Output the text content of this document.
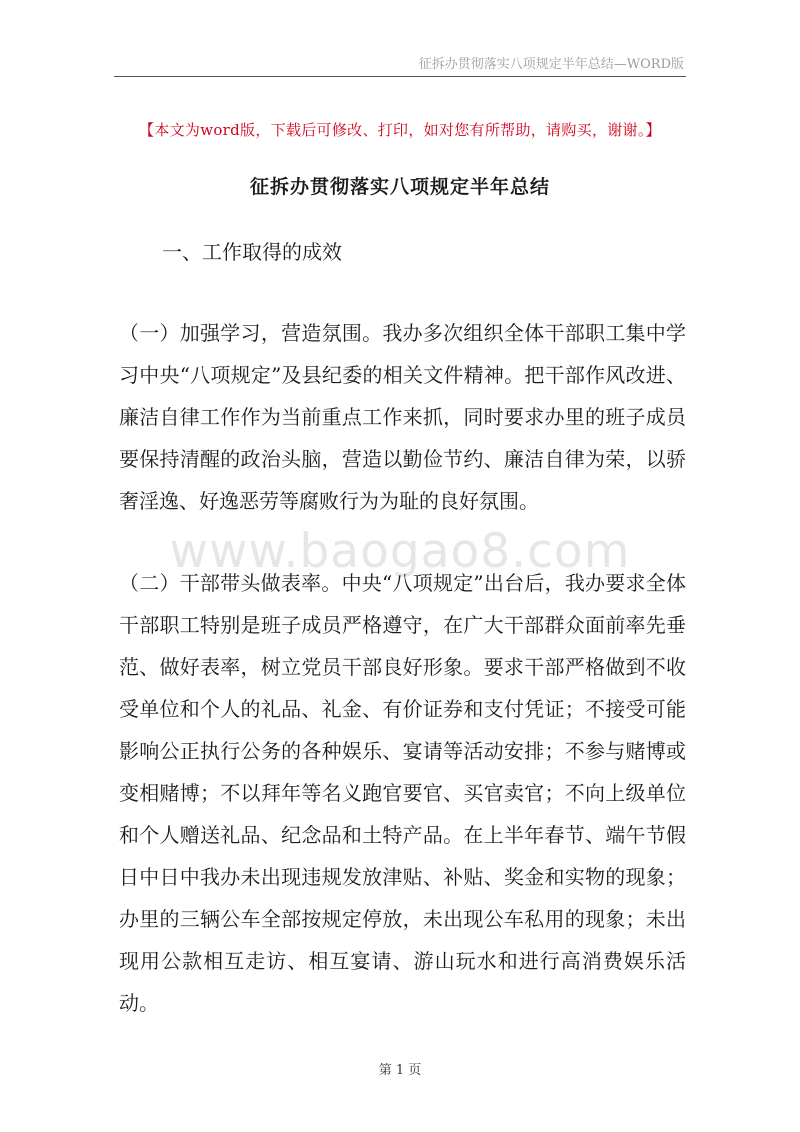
征拆办贯彻落实八项规定半年总结—WORD版
【本文为word版，下载后可修改、打印，如对您有所帮助，请购买，谢谢。】
征拆办贯彻落实八项规定半年总结
一、工作取得的成效
www.baogao8.com

（一）加强学习，营造氛围。我办多次组织全体干部职工集中学习中央“八项规定”及县纪委的相关文件精神。把干部作风改进、廉洁自律工作作为当前重点工作来抓，同时要求办里的班子成员要保持清醒的政治头脑，营造以勤俭节约、廉洁自律为荣，以骄奢淫逸、好逸恶劳等腐败行为为耻的良好氛围。

（二）干部带头做表率。中央“八项规定”出台后，我办要求全体干部职工特别是班子成员严格遵守，在广大干部群众面前率先垂范、做好表率，树立党员干部良好形象。要求干部严格做到不收受单位和个人的礼品、礼金、有价证券和支付凭证；不接受可能影响公正执行公务的各种娱乐、宴请等活动安排；不参与赌博或变相赌博；不以拜年等名义跑官要官、买官卖官；不向上级单位和个人赠送礼品、纪念品和土特产品。在上半年春节、端午节假日中日中我办未出现违规发放津贴、补贴、奖金和实物的现象；办里的三辆公车全部按规定停放，未出现公车私用的现象；未出现用公款相互走访、相互宴请、游山玩水和进行高消费娱乐活动。

第 1 页
